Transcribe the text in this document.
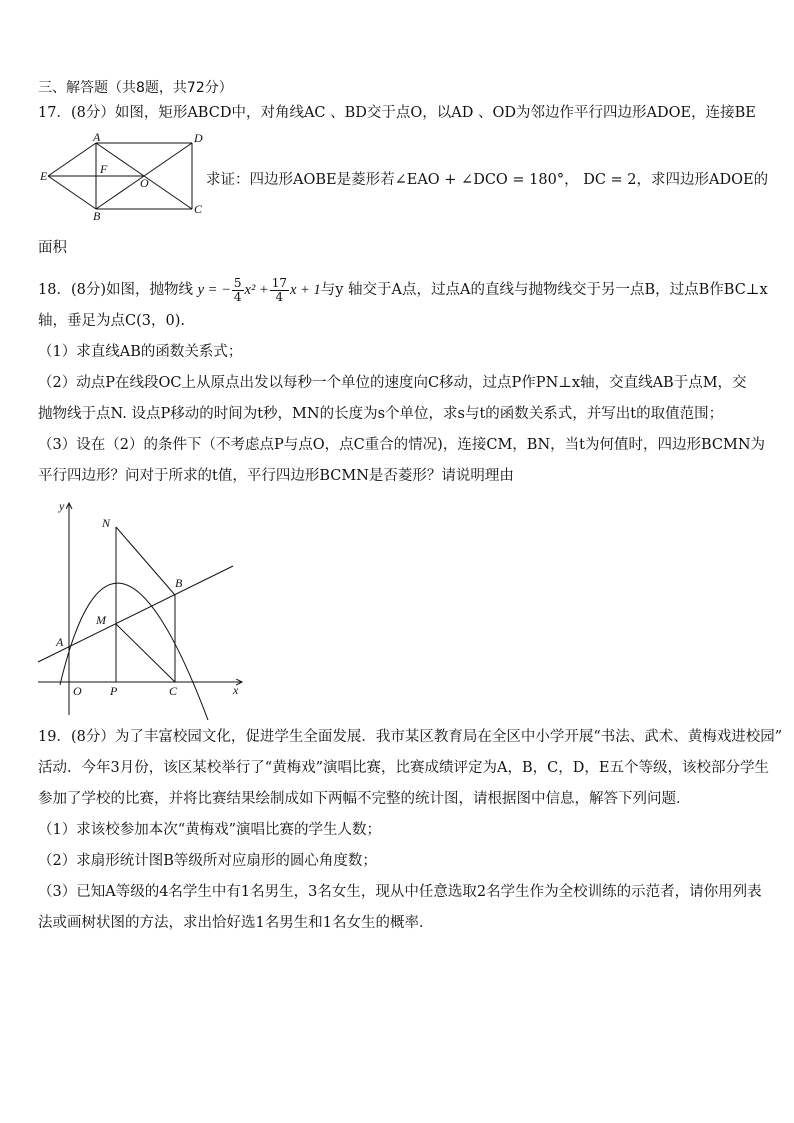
三、解答题（共8题，共72分）
17．(8分）如图，矩形ABCD中，对角线AC 、BD交于点O，以AD 、OD为邻边作平行四边形ADOE，连接BE
A	D
C
B
E	F
O	求证：四边形AOBE是菱形若∠EAO + ∠DCO = 180°， DC = 2，求四边形ADOE的
面积
18．(8分)如图，抛物线 y = − $\frac{5}{4} x^2 + \frac{17}{4}$ x + 1与y 轴交于A点，过点A的直线与抛物线交于另一点B，过点B作BC⊥x
轴，垂足为点C(3，0).
（1）求直线AB的函数关系式；
（2）动点P在线段OC上从原点出发以每秒一个单位的速度向C移动，过点P作PN⊥x轴，交直线AB于点M，交
抛物线于点N. 设点P移动的时间为t秒，MN的长度为s个单位，求s与t的函数关系式，并写出t的取值范围；
（3）设在（2）的条件下（不考虑点P与点O，点C重合的情况)，连接CM，BN，当t为何值时，四边形BCMN为
平行四边形？问对于所求的t值，平行四边形BCMN是否菱形？请说明理由
y
x
N
B
M
A
O P	C
19．(8分）为了丰富校园文化，促进学生全面发展．我市某区教育局在全区中小学开展“书法、武术、黄梅戏进校园”
活动．今年3月份，该区某校举行了“黄梅戏”演唱比赛，比赛成绩评定为A，B，C，D，E五个等级，该校部分学生
参加了学校的比赛，并将比赛结果绘制成如下两幅不完整的统计图，请根据图中信息，解答下列问题．
（1）求该校参加本次“黄梅戏”演唱比赛的学生人数；
（2）求扇形统计图B等级所对应扇形的圆心角度数；
（3）已知A等级的4名学生中有1名男生，3名女生，现从中任意选取2名学生作为全校训练的示范者，请你用列表
法或画树状图的方法，求出恰好选1名男生和1名女生的概率．
